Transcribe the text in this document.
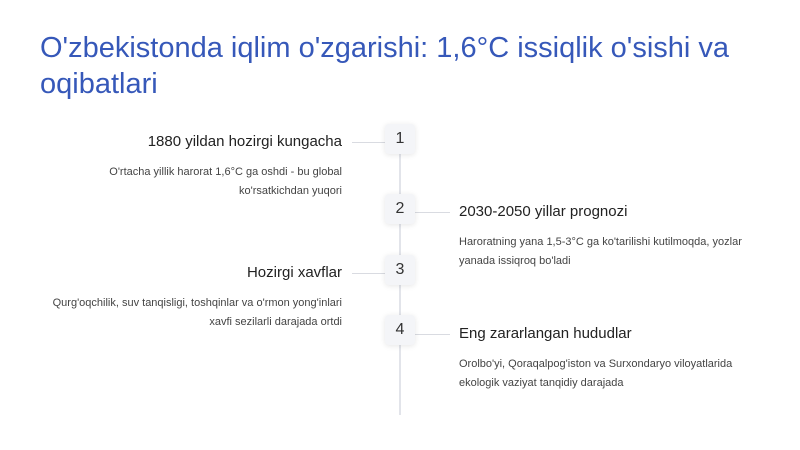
O'zbekistonda iqlim o'zgarishi: 1,6°C issiqlik o'sishi va oqibatlari
1
1880 yildan hozirgi kungacha
O'rtacha yillik harorat 1,6°C ga oshdi - bu global ko'rsatkichdan yuqori
2	2030-2050 yillar prognozi
Haroratning yana 1,5-3°C ga ko'tarilishi kutilmoqda, yozlar yanada issiqroq bo'ladi
3
Hozirgi xavflar
Qurg'oqchilik, suv tanqisligi, toshqinlar va o'rmon yong'inlari xavfi sezilarli darajada ortdi	4	Eng zararlangan hududlar
Orolbo'yi, Qoraqalpog'iston va Surxondaryo viloyatlarida ekologik vaziyat tanqidiy darajada
